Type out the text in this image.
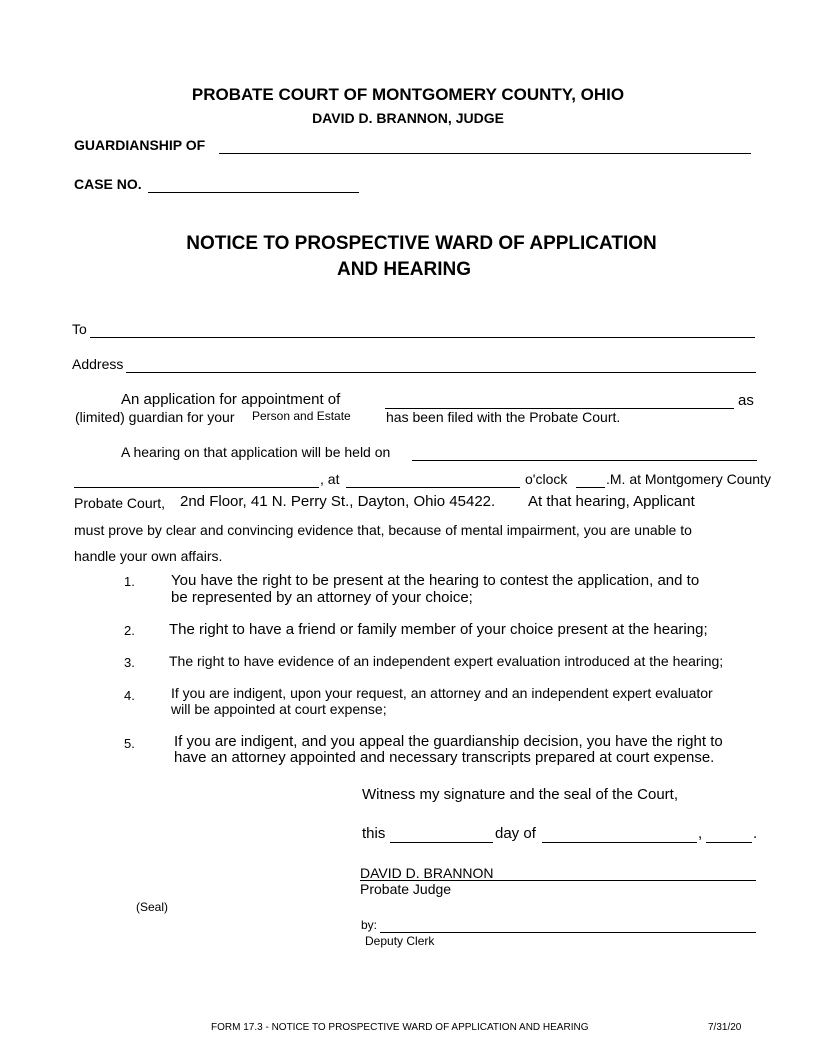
PROBATE COURT OF MONTGOMERY COUNTY, OHIO
DAVID D. BRANNON, JUDGE
GUARDIANSHIP OF
CASE NO.
NOTICE TO PROSPECTIVE WARD OF APPLICATION
AND HEARING
To
Address
An application for appointment of	as
(limited) guardian for your Person and Estate	has been filed with the Probate Court.
A hearing on that application will be held on
, at	o'clock	.M. at Montgomery County
Probate Court, 2nd Floor, 41 N. Perry St., Dayton, Ohio 45422. At that hearing, Applicant
must prove by clear and convincing evidence that, because of mental impairment, you are unable to
handle your own affairs.
1. You have the right to be present at the hearing to contest the application, and to
be represented by an attorney of your choice;
2. The right to have a friend or family member of your choice present at the hearing;
3. The right to have evidence of an independent expert evaluation introduced at the hearing;
4.	If you are indigent, upon your request, an attorney and an independent expert evaluator
will be appointed at court expense;
5.	If you are indigent, and you appeal the guardianship decision, you have the right to
have an attorney appointed and necessary transcripts prepared at court expense.
Witness my signature and the seal of the Court,
this	day of	,	.
DAVID D. BRANNON
Probate Judge
(Seal)
by:
Deputy Clerk
FORM 17.3 - NOTICE TO PROSPECTIVE WARD OF APPLICATION AND HEARING	7/31/20
